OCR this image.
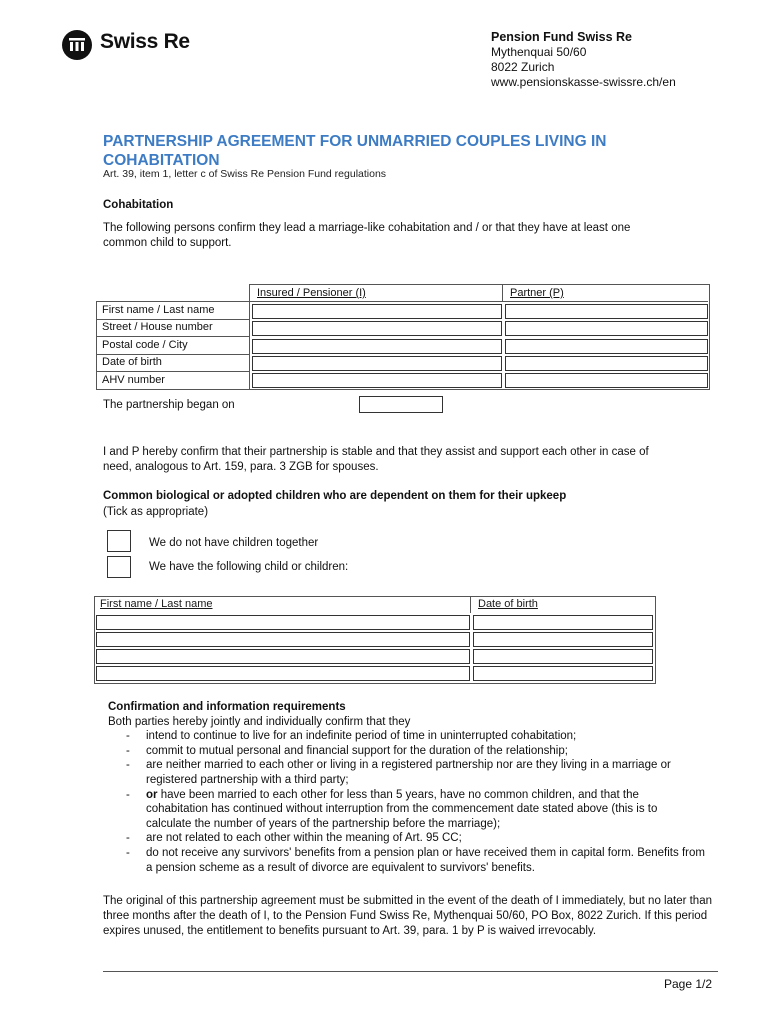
Swiss Re	Pension Fund Swiss Re
Mythenquai 50/60
8022 Zurich
www.pensionskasse-swissre.ch/en
PARTNERSHIP AGREEMENT FOR UNMARRIED COUPLES LIVING IN COHABITATION
Art. 39, item 1, letter c of Swiss Re Pension Fund regulations
Cohabitation
The following persons confirm they lead a marriage-like cohabitation and / or that they have at least one common child to support.
Insured / Pensioner (I)	Partner (P)
First name / Last name
Street / House number
Postal code / City
Date of birth
AHV number
The partnership began on
I and P hereby confirm that their partnership is stable and that they assist and support each other in case of need, analogous to Art. 159, para. 3 ZGB for spouses.
Common biological or adopted children who are dependent on them for their upkeep
(Tick as appropriate)
We do not have children together
We have the following child or children:
First name / Last name	Date of birth
Confirmation and information requirements
Both parties hereby jointly and individually confirm that they
- intend to continue to live for an indefinite period of time in uninterrupted cohabitation;
- commit to mutual personal and financial support for the duration of the relationship;
- are neither married to each other or living in a registered partnership nor are they living in a marriage or registered partnership with a third party;
- or have been married to each other for less than 5 years, have no common children, and that the cohabitation has continued without interruption from the commencement date stated above (this is to calculate the number of years of the partnership before the marriage);
- are not related to each other within the meaning of Art. 95 CC;
- do not receive any survivors' benefits from a pension plan or have received them in capital form. Benefits from a pension scheme as a result of divorce are equivalent to survivors' benefits.
The original of this partnership agreement must be submitted in the event of the death of I immediately, but no later than three months after the death of I, to the Pension Fund Swiss Re, Mythenquai 50/60, PO Box, 8022 Zurich. If this period expires unused, the entitlement to benefits pursuant to Art. 39, para. 1 by P is waived irrevocably.
Page 1/2
